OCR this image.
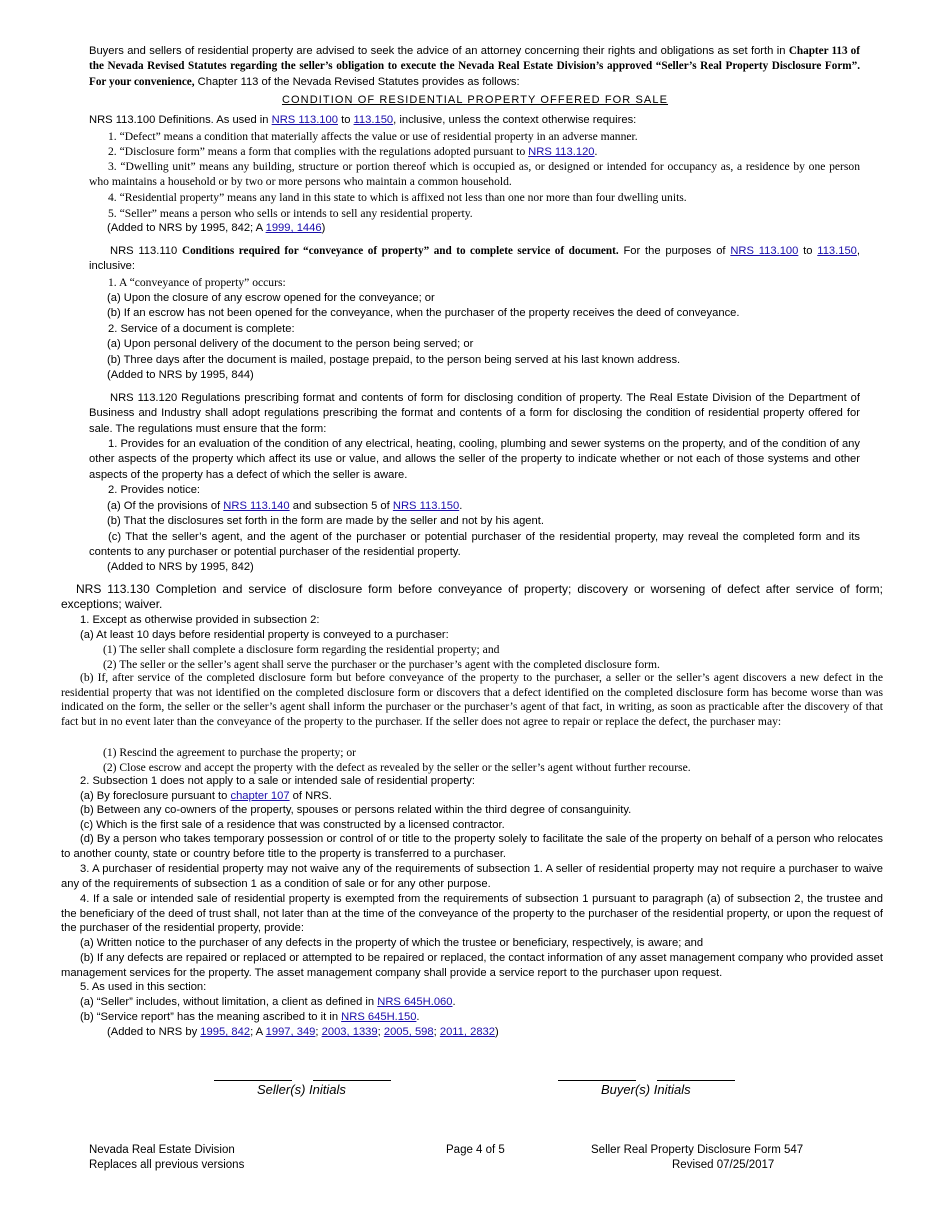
Buyers and sellers of residential property are advised to seek the advice of an attorney concerning their rights and obligations as set forth in Chapter 113 of the Nevada Revised Statutes regarding the seller’s obligation to execute the Nevada Real Estate Division’s approved “Seller’s Real Property Disclosure Form”. For your convenience, Chapter 113 of the Nevada Revised Statutes provides as follows:

CONDITION OF RESIDENTIAL PROPERTY OFFERED FOR SALE

NRS 113.100 Definitions. As used in NRS 113.100 to 113.150, inclusive, unless the context otherwise requires:

1. “Defect” means a condition that materially affects the value or use of residential property in an adverse manner.

2. “Disclosure form” means a form that complies with the regulations adopted pursuant to NRS 113.120.

3. “Dwelling unit” means any building, structure or portion thereof which is occupied as, or designed or intended for occupancy as, a residence by one person who maintains a household or by two or more persons who maintain a common household.

4. “Residential property” means any land in this state to which is affixed not less than one nor more than four dwelling units.

5. “Seller” means a person who sells or intends to sell any residential property.

(Added to NRS by 1995, 842; A 1999, 1446)

NRS 113.110 Conditions required for “conveyance of property” and to complete service of document. For the purposes of NRS 113.100 to 113.150, inclusive:

1. A “conveyance of property” occurs:

(a) Upon the closure of any escrow opened for the conveyance; or

(b) If an escrow has not been opened for the conveyance, when the purchaser of the property receives the deed of conveyance.

2. Service of a document is complete:

(a) Upon personal delivery of the document to the person being served; or

(b) Three days after the document is mailed, postage prepaid, to the person being served at his last known address.

(Added to NRS by 1995, 844)

NRS 113.120 Regulations prescribing format and contents of form for disclosing condition of property. The Real Estate Division of the Department of Business and Industry shall adopt regulations prescribing the format and contents of a form for disclosing the condition of residential property offered for sale. The regulations must ensure that the form:

1. Provides for an evaluation of the condition of any electrical, heating, cooling, plumbing and sewer systems on the property, and of the condition of any other aspects of the property which affect its use or value, and allows the seller of the property to indicate whether or not each of those systems and other aspects of the property has a defect of which the seller is aware.

2. Provides notice:

(a) Of the provisions of NRS 113.140 and subsection 5 of NRS 113.150.

(b) That the disclosures set forth in the form are made by the seller and not by his agent.

(c) That the seller’s agent, and the agent of the purchaser or potential purchaser of the residential property, may reveal the completed form and its contents to any purchaser or potential purchaser of the residential property.

(Added to NRS by 1995, 842)

NRS 113.130 Completion and service of disclosure form before conveyance of property; discovery or worsening of defect after service of form; exceptions; waiver.

1. Except as otherwise provided in subsection 2:

(a) At least 10 days before residential property is conveyed to a purchaser:

(1) The seller shall complete a disclosure form regarding the residential property; and

(2) The seller or the seller’s agent shall serve the purchaser or the purchaser’s agent with the completed disclosure form.

(b) If, after service of the completed disclosure form but before conveyance of the property to the purchaser, a seller or the seller’s agent discovers a new defect in the residential property that was not identified on the completed disclosure form or discovers that a defect identified on the completed disclosure form has become worse than was indicated on the form, the seller or the seller’s agent shall inform the purchaser or the purchaser’s agent of that fact, in writing, as soon as practicable after the discovery of that fact but in no event later than the conveyance of the property to the purchaser. If the seller does not agree to repair or replace the defect, the purchaser may:

(1) Rescind the agreement to purchase the property; or

(2) Close escrow and accept the property with the defect as revealed by the seller or the seller’s agent without further recourse.

2. Subsection 1 does not apply to a sale or intended sale of residential property:

(a) By foreclosure pursuant to chapter 107 of NRS.

(b) Between any co-owners of the property, spouses or persons related within the third degree of consanguinity.

(c) Which is the first sale of a residence that was constructed by a licensed contractor.

(d) By a person who takes temporary possession or control of or title to the property solely to facilitate the sale of the property on behalf of a person who relocates to another county, state or country before title to the property is transferred to a purchaser.

3. A purchaser of residential property may not waive any of the requirements of subsection 1. A seller of residential property may not require a purchaser to waive any of the requirements of subsection 1 as a condition of sale or for any other purpose.

4. If a sale or intended sale of residential property is exempted from the requirements of subsection 1 pursuant to paragraph (a) of subsection 2, the trustee and the beneficiary of the deed of trust shall, not later than at the time of the conveyance of the property to the purchaser of the residential property, or upon the request of the purchaser of the residential property, provide:

(a) Written notice to the purchaser of any defects in the property of which the trustee or beneficiary, respectively, is aware; and

(b) If any defects are repaired or replaced or attempted to be repaired or replaced, the contact information of any asset management company who provided asset management services for the property. The asset management company shall provide a service report to the purchaser upon request.

5. As used in this section:

(a) “Seller” includes, without limitation, a client as defined in NRS 645H.060.

(b) “Service report” has the meaning ascribed to it in NRS 645H.150.

(Added to NRS by 1995, 842; A 1997, 349; 2003, 1339; 2005, 598; 2011, 2832)

Seller(s) Initials	Buyer(s) Initials
Nevada Real Estate Division
Replaces all previous versions
Page 4 of 5	Seller Real Property Disclosure Form 547
Revised 07/25/2017
